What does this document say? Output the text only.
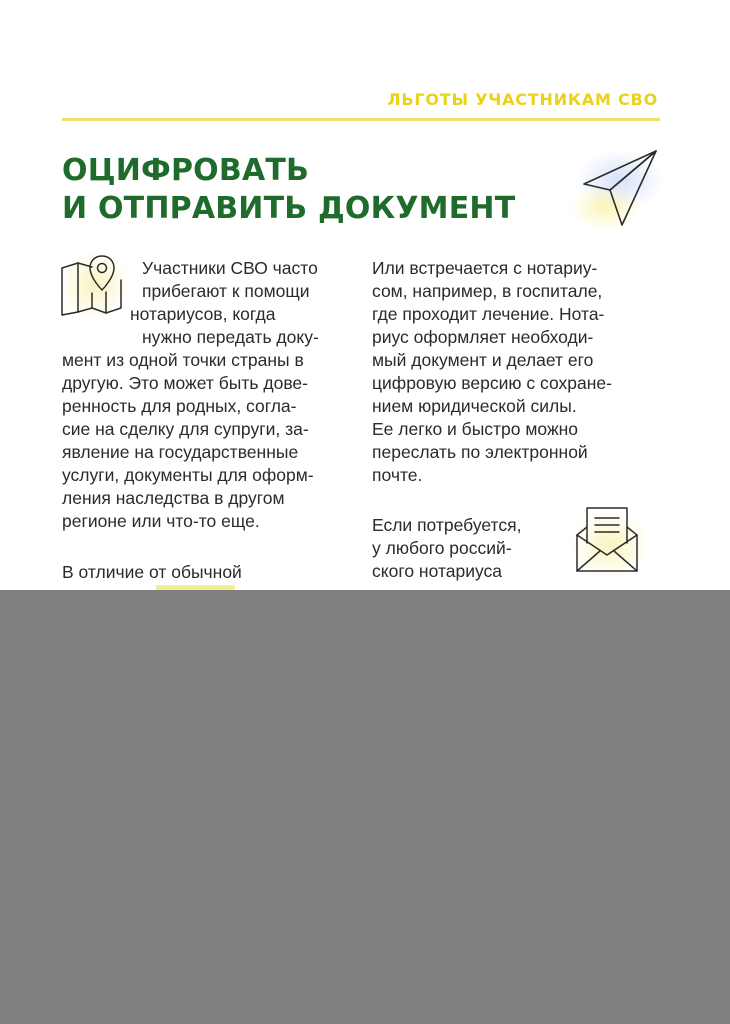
ЛЬГОТЫ УЧАСТНИКАМ СВО
ОЦИФРОВАТЬ
И ОТПРАВИТЬ ДОКУМЕНТ
Участники СВО часто
прибегают к помощи
нотариусов, когда
нужно передать доку-
мент из одной точки страны в
другую. Это может быть дове-
ренность для родных, согла-
сие на сделку для супруги, за-
явление на государственные
услуги, документы для оформ-
ления наследства в другом
регионе или что-то еще.
В отличие от обычной
Или встречается с нотариу-
сом, например, в госпитале,
где проходит лечение. Нота-
риус оформляет необходи-
мый документ и делает его
цифровую версию с сохране-
нием юридической силы.
Ее легко и быстро можно
переслать по электронной
почте.
Если потребуется,
у любого россий-
ского нотариуса
